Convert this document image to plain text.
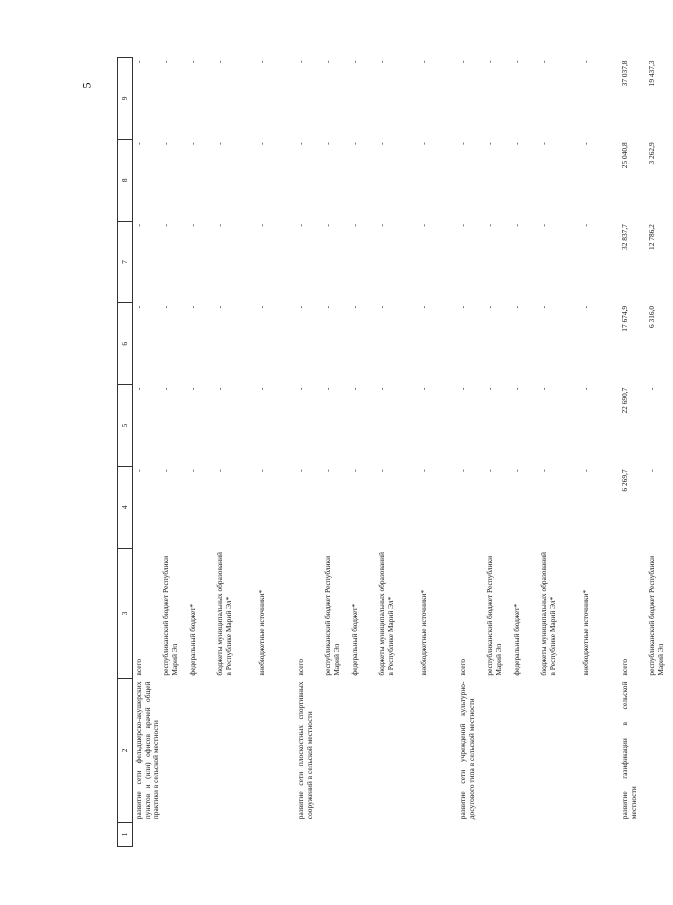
5
1	2	3	4	5	6	7	8	9

	развитие сети фельдшерско-акушерских пунктов и (или) офисов врачей общей практики в сельской местности	всего	-	-	-	-	-	-
		республиканский бюджет Республики Марий Эл	-	-	-	-	-	-
		федеральный бюджет*	-	-	-	-	-	-
		бюджеты муниципальных образований в Республике Марий Эл*	-	-	-	-	-	-
		внебюджетные источники*	-	-	-	-	-	-

	развитие сети плоскостных спортивных сооружений в сельской местности	всего	-	-	-	-	-	-
		республиканский бюджет Республики Марий Эл	-	-	-	-	-	-
		федеральный бюджет*	-	-	-	-	-	-
		бюджеты муниципальных образований в Республике Марий Эл*	-	-	-	-	-	-
		внебюджетные источники*	-	-	-	-	-	-

	развитие сети учреждений культурно-досугового типа в сельской местности	всего	-	-	-	-	-	-
		республиканский бюджет Республики Марий Эл	-	-	-	-	-	-
		федеральный бюджет*	-	-	-	-	-	-
		бюджеты муниципальных образований в Республике Марий Эл*	-	-	-	-	-	-
		внебюджетные источники*	-	-	-	-	-	-

	развитие газификации в сельской местности	всего	6 269,7	22 690,7	17 674,9	32 837,7	25 040,8	37 037,8
		республиканский бюджет Республики Марий Эл	-	-	6 316,0	12 786,2	3 262,9	19 437,3
